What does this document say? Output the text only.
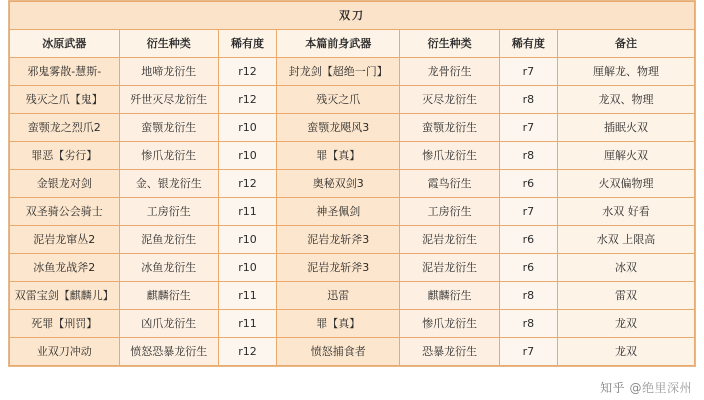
双刀						
冰原武器	衍生种类	稀有度	本篇前身武器	衍生种类	稀有度	备注
邪鬼雾散-慧斯-	地啼龙衍生	r12	封龙剑【超绝一门】	龙骨衍生	r7	厘解龙、物理
残灭之爪【鬼】	歼世灭尽龙衍生	r12	残灭之爪	灭尽龙衍生	r8	龙双、物理
蛮颚龙之烈爪2	蛮颚龙衍生	r10	蛮颚龙飓风3	蛮颚龙衍生	r7	插眠火双
罪恶【劣行】	惨爪龙衍生	r10	罪【真】	惨爪龙衍生	r8	厘解火双
金银龙对剑	金、银龙衍生	r12	奥秘双剑3	霞鸟衍生	r6	火双偏物理
双圣骑公会骑士	工房衍生	r11	神圣佩剑	工房衍生	r7	水双 好看
泥岩龙窜丛2	泥鱼龙衍生	r10	泥岩龙斩斧3	泥岩龙衍生	r6	水双 上限高
冰鱼龙战斧2	冰鱼龙衍生	r10	泥岩龙斩斧3	泥岩龙衍生	r6	冰双
双雷宝剑【麒麟儿】	麒麟衍生	r11	迅雷	麒麟衍生	r8	雷双
死罪【刑罚】	凶爪龙衍生	r11	罪【真】	惨爪龙衍生	r8	龙双
业双刀冲动	愤怒恐暴龙衍生	r12	愤怒捕食者	恐暴龙衍生	r7	龙双
知乎 @绝里深州
